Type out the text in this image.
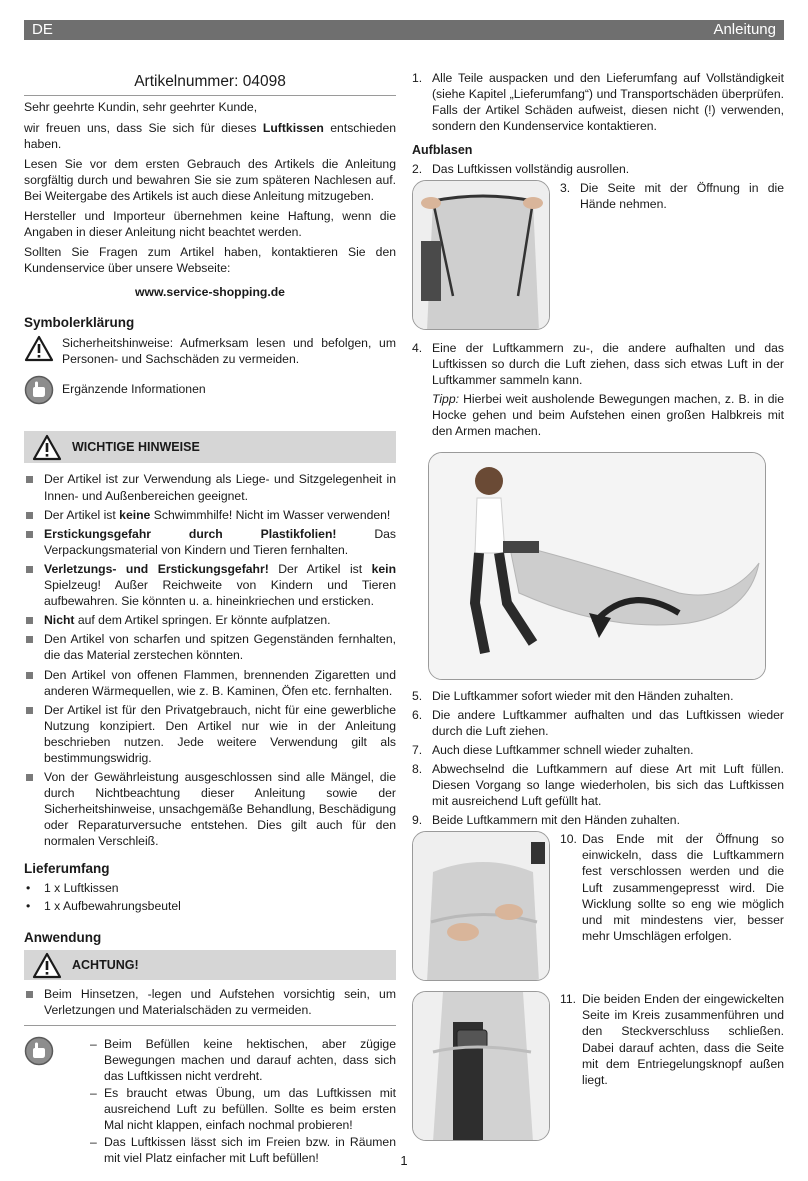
DE	Anleitung
Artikelnummer: 04098

Sehr geehrte Kundin, sehr geehrter Kunde,

wir freuen uns, dass Sie sich für dieses Luftkissen entschieden haben.

Lesen Sie vor dem ersten Gebrauch des Artikels die Anleitung sorgfältig durch und bewahren Sie sie zum späteren Nachlesen auf. Bei Weitergabe des Artikels ist auch diese Anleitung mitzugeben.

Hersteller und Importeur übernehmen keine Haftung, wenn die Angaben in dieser Anleitung nicht beachtet werden.

Sollten Sie Fragen zum Artikel haben, kontaktieren Sie den Kundenservice über unsere Webseite:

www.service-shopping.de
Symbolerklärung
Sicherheitshinweise: Aufmerksam lesen und befolgen, um Personen- und Sachschäden zu vermeiden.
Ergänzende Informationen
WICHTIGE HINWEISE
Der Artikel ist zur Verwendung als Liege- und Sitzgelegenheit in Innen- und Außenbereichen geeignet.
Der Artikel ist keine Schwimmhilfe! Nicht im Wasser verwenden!
Erstickungsgefahr durch Plastikfolien! Das Verpackungsmaterial von Kindern und Tieren fernhalten.
Verletzungs- und Erstickungsgefahr! Der Artikel ist kein Spielzeug! Außer Reichweite von Kindern und Tieren aufbewahren. Sie könnten u. a. hineinkriechen und ersticken.
Nicht auf dem Artikel springen. Er könnte aufplatzen.
Den Artikel von scharfen und spitzen Gegenständen fernhalten, die das Material zerstechen könnten.
Den Artikel von offenen Flammen, brennenden Zigaretten und anderen Wärmequellen, wie z. B. Kaminen, Öfen etc. fernhalten.
Der Artikel ist für den Privatgebrauch, nicht für eine gewerbliche Nutzung konzipiert. Den Artikel nur wie in der Anleitung beschrieben nutzen. Jede weitere Verwendung gilt als bestimmungswidrig.
Von der Gewährleistung ausgeschlossen sind alle Mängel, die durch Nichtbeachtung dieser Anleitung sowie der Sicherheitshinweise, unsachgemäße Behandlung, Beschädigung oder Reparaturversuche entstehen. Dies gilt auch für den normalen Verschleiß.
Lieferumfang
• 1 x Luftkissen
• 1 x Aufbewahrungsbeutel
Anwendung
ACHTUNG!
Beim Hinsetzen, -legen und Aufstehen vorsichtig sein, um Verletzungen und Materialschäden zu vermeiden.
– Beim Befüllen keine hektischen, aber zügige Bewegungen machen und darauf achten, dass sich das Luftkissen nicht verdreht.
– Es braucht etwas Übung, um das Luftkissen mit ausreichend Luft zu befüllen. Sollte es beim ersten Mal nicht klappen, einfach nochmal probieren!
– Das Luftkissen lässt sich im Freien bzw. in Räumen mit viel Platz einfacher mit Luft befüllen!
1. Alle Teile auspacken und den Lieferumfang auf Vollständigkeit (siehe Kapitel „Lieferumfang“) und Transportschäden überprüfen. Falls der Artikel Schäden aufweist, diesen nicht (!) verwenden, sondern den Kundenservice kontaktieren.
Aufblasen
2. Das Luftkissen vollständig ausrollen.
3. Die Seite mit der Öffnung in die Hände nehmen.
4. Eine der Luftkammern zu-, die andere aufhalten und das Luftkissen so durch die Luft ziehen, dass sich etwas Luft in der Luftkammer sammeln kann.

Tipp: Hierbei weit ausholende Bewegungen machen, z. B. in die Hocke gehen und beim Aufstehen einen großen Halbkreis mit den Armen machen.

5. Die Luftkammer sofort wieder mit den Händen zuhalten.
6. Die andere Luftkammer aufhalten und das Luftkissen wieder durch die Luft ziehen.
7. Auch diese Luftkammer schnell wieder zuhalten.
8. Abwechselnd die Luftkammern auf diese Art mit Luft füllen. Diesen Vorgang so lange wiederholen, bis sich das Luftkissen mit ausreichend Luft gefüllt hat.
9. Beide Luftkammern mit den Händen zuhalten.
10. Das Ende mit der Öffnung so einwickeln, dass die Luftkammern fest verschlossen werden und die Luft zusammengepresst wird. Die Wicklung sollte so eng wie möglich und mit mindestens vier, besser mehr Umschlägen erfolgen.
11. Die beiden Enden der eingewickelten Seite im Kreis zusammenführen und den Steckverschluss schließen. Dabei darauf achten, dass die Seite mit dem Entriegelungsknopf außen liegt.
1
